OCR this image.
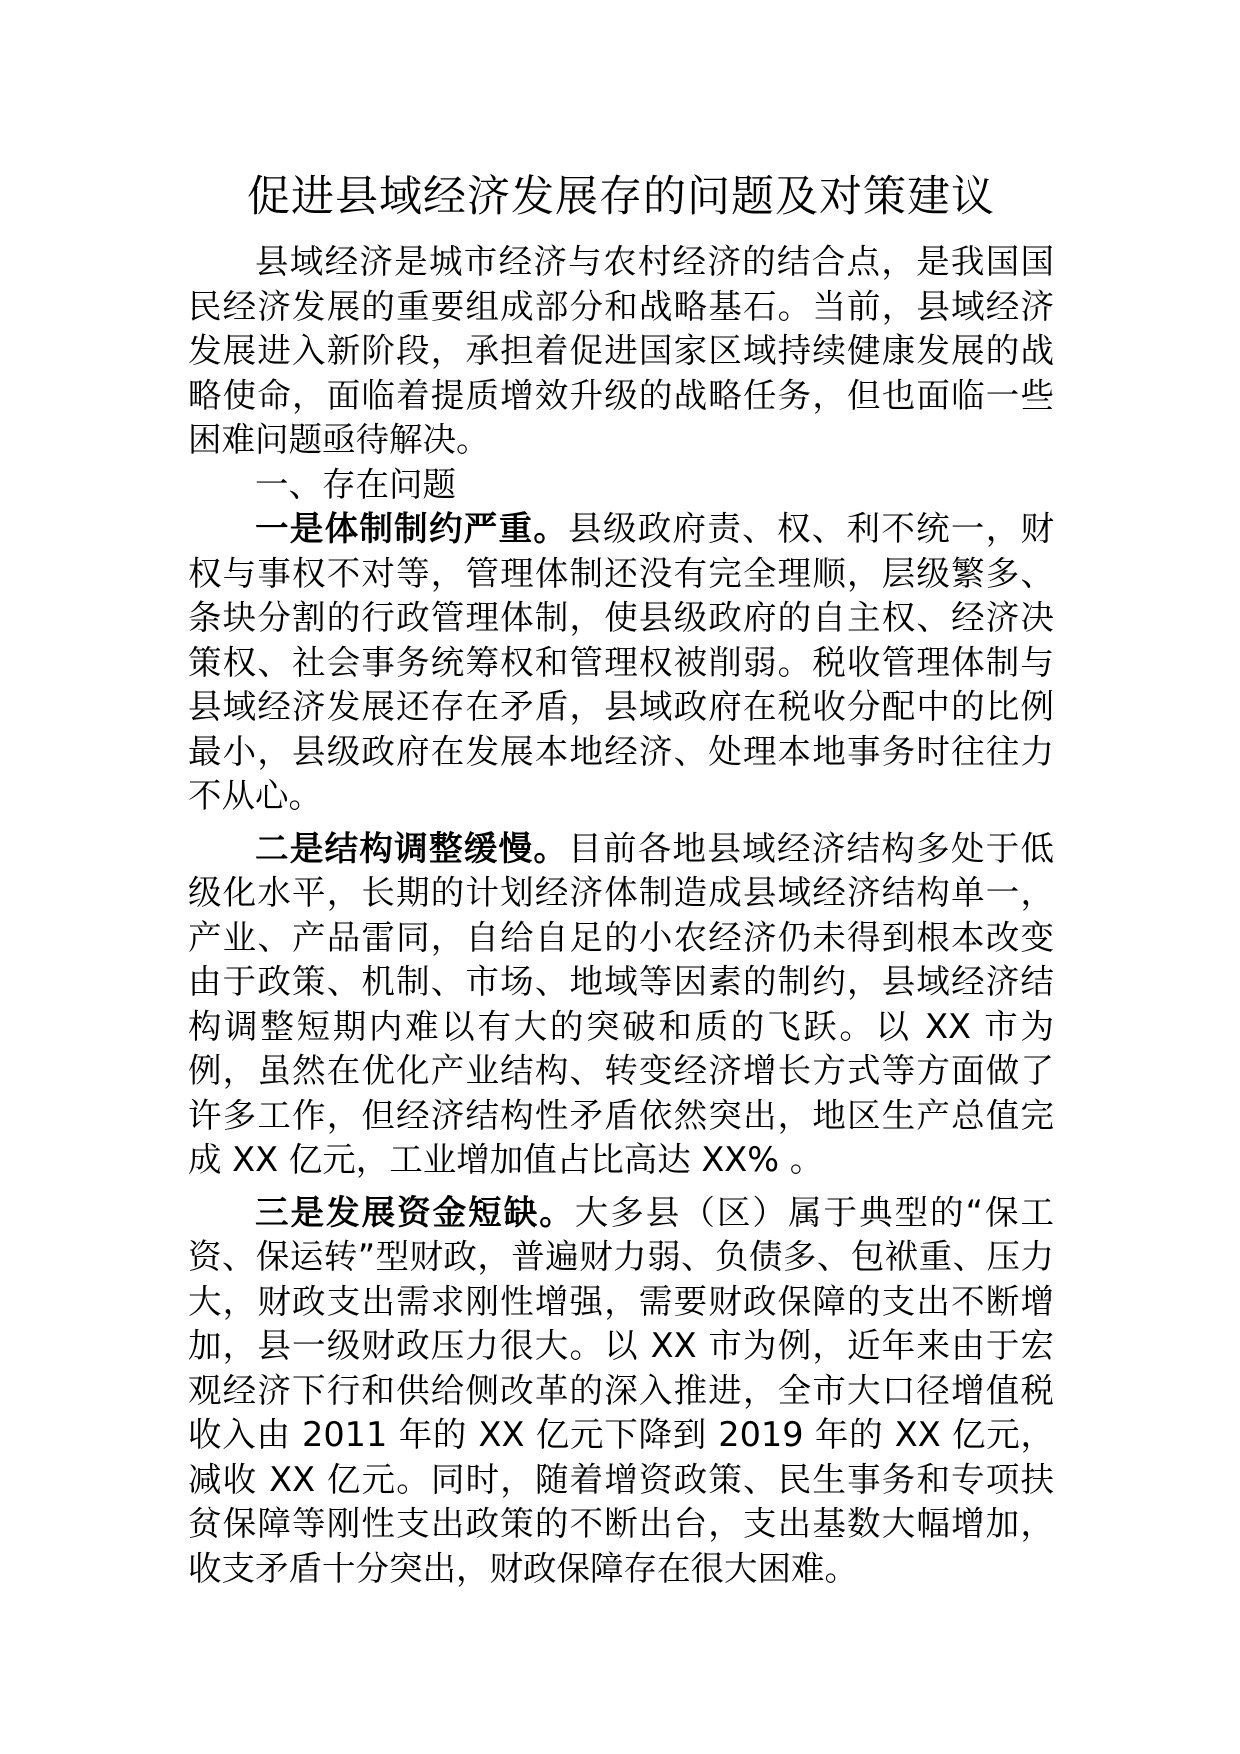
促进县域经济发展存的问题及对策建议

县域经济是城市经济与农村经济的结合点，是我国国民经济发展的重要组成部分和战略基石。当前，县域经济发展进入新阶段，承担着促进国家区域持续健康发展的战略使命，面临着提质增效升级的战略任务，但也面临一些困难问题亟待解决。

一、存在问题

一是体制制约严重。县级政府责、权、利不统一，财权与事权不对等，管理体制还没有完全理顺，层级繁多、条块分割的行政管理体制，使县级政府的自主权、经济决策权、社会事务统筹权和管理权被削弱。税收管理体制与县域经济发展还存在矛盾，县域政府在税收分配中的比例最小，县级政府在发展本地经济、处理本地事务时往往力不从心。

二是结构调整缓慢。目前各地县域经济结构多处于低级化水平，长期的计划经济体制造成县域经济结构单一，产业、产品雷同，自给自足的小农经济仍未得到根本改变由于政策、机制、市场、地域等因素的制约，县域经济结构调整短期内难以有大的突破和质的飞跃。以 XX 市为例，虽然在优化产业结构、转变经济增长方式等方面做了许多工作，但经济结构性矛盾依然突出，地区生产总值完成 XX 亿元，工业增加值占比高达 XX% 。

三是发展资金短缺。大多县（区）属于典型的“保工资、保运转”型财政，普遍财力弱、负债多、包袱重、压力大，财政支出需求刚性增强，需要财政保障的支出不断增加，县一级财政压力很大。以 XX 市为例，近年来由于宏观经济下行和供给侧改革的深入推进，全市大口径增值税收入由 2011 年的 XX 亿元下降到 2019 年的 XX 亿元，减收 XX 亿元。同时，随着增资政策、民生事务和专项扶贫保障等刚性支出政策的不断出台，支出基数大幅增加，收支矛盾十分突出，财政保障存在很大困难。
